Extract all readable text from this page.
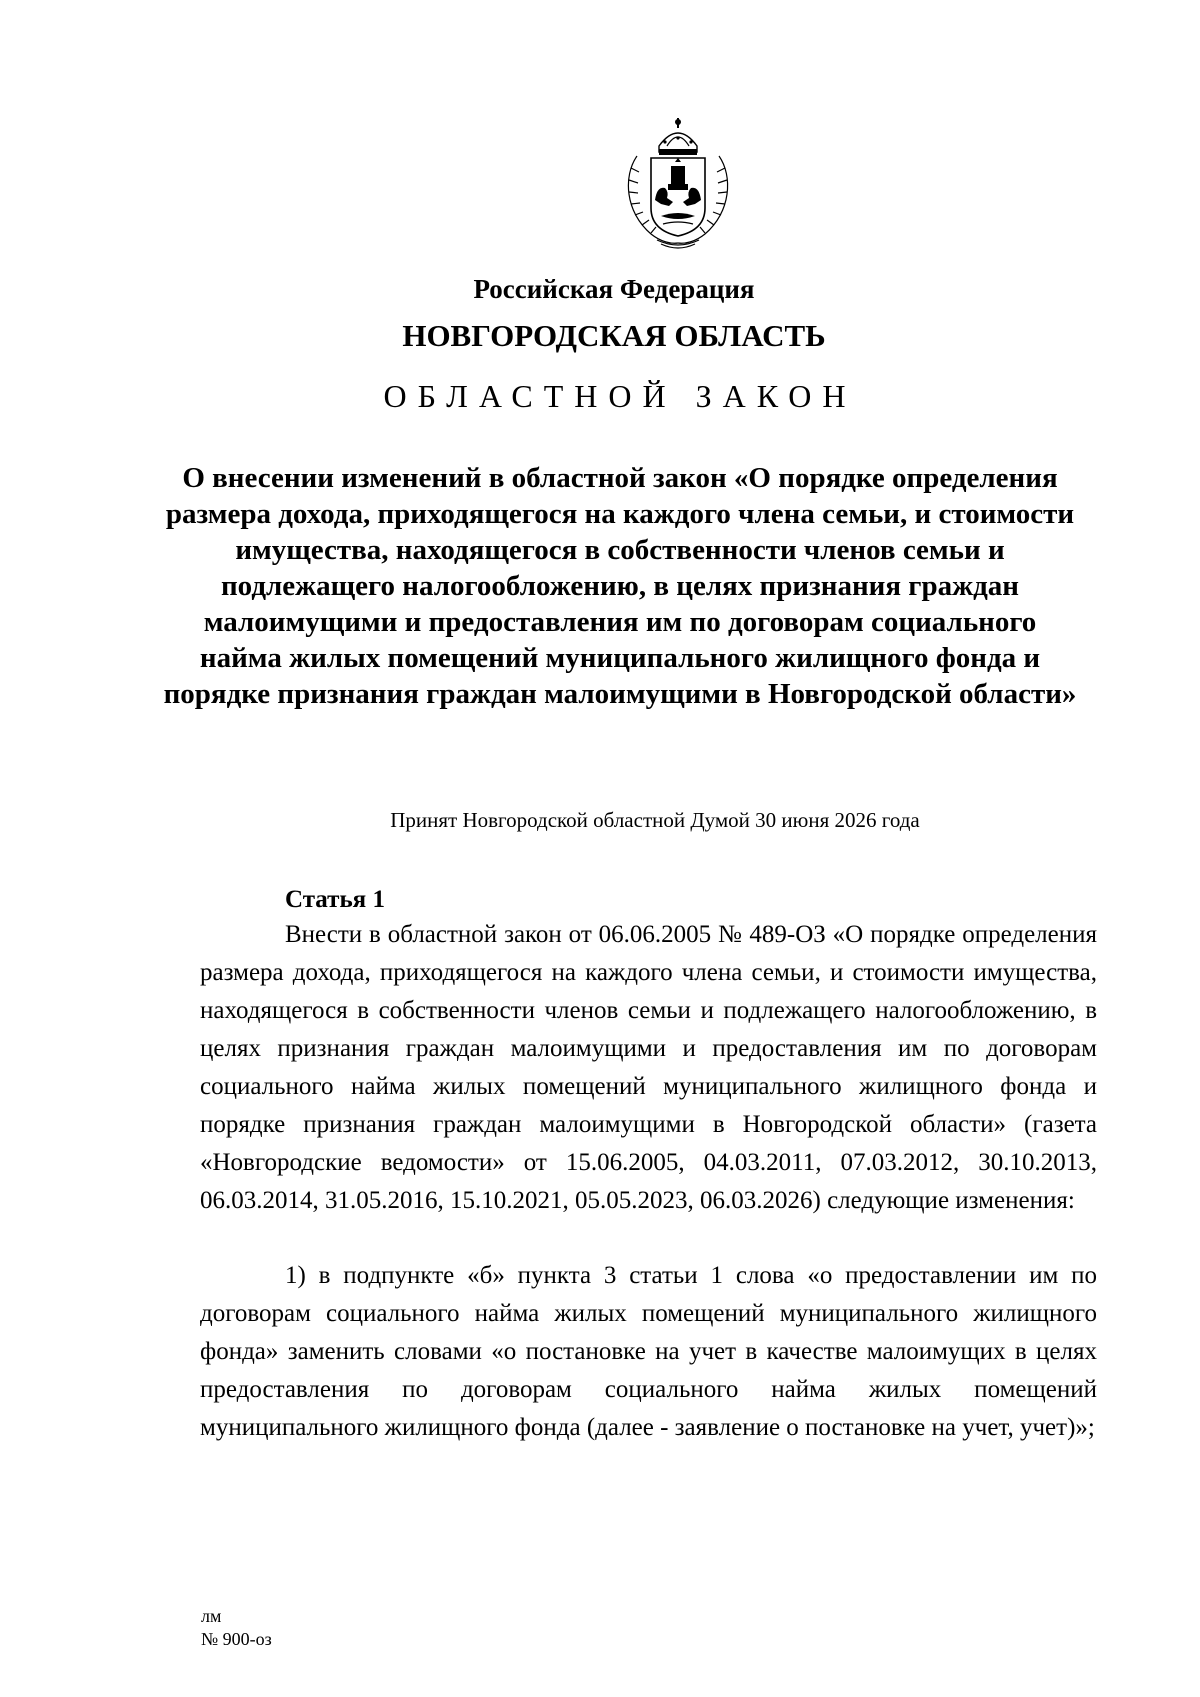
Российская Федерация
НОВГОРОДСКАЯ ОБЛАСТЬ
ОБЛАСТНОЙ ЗАКОН
О внесении изменений в областной закон «О порядке определения размера дохода, приходящегося на каждого члена семьи, и стоимости имущества, находящегося в собственности членов семьи и подлежащего налогообложению, в целях признания граждан малоимущими и предоставления им по договорам социального найма жилых помещений муниципального жилищного фонда и порядке признания граждан малоимущими в Новгородской области»
Принят Новгородской областной Думой 30 июня 2026 года
Статья 1

Внести в областной закон от 06.06.2005 № 489-ОЗ «О порядке определения размера дохода, приходящегося на каждого члена семьи, и стоимости имущества, находящегося в собственности членов семьи и подлежащего налогообложению, в целях признания граждан малоимущими и предоставления им по договорам социального найма жилых помещений муниципального жилищного фонда и порядке признания граждан малоимущими в Новгородской области» (газета «Новгородские ведомости» от 15.06.2005, 04.03.2011, 07.03.2012, 30.10.2013, 06.03.2014, 31.05.2016, 15.10.2021, 05.05.2023, 06.03.2026) следующие изменения:

1) в подпункте «б» пункта 3 статьи 1 слова «о предоставлении им по договорам социального найма жилых помещений муниципального жилищного фонда» заменить словами «о постановке на учет в качестве малоимущих в целях предоставления по договорам социального найма жилых помещений муниципального жилищного фонда (далее - заявление о постановке на учет, учет)»;

лм
№ 900-оз
